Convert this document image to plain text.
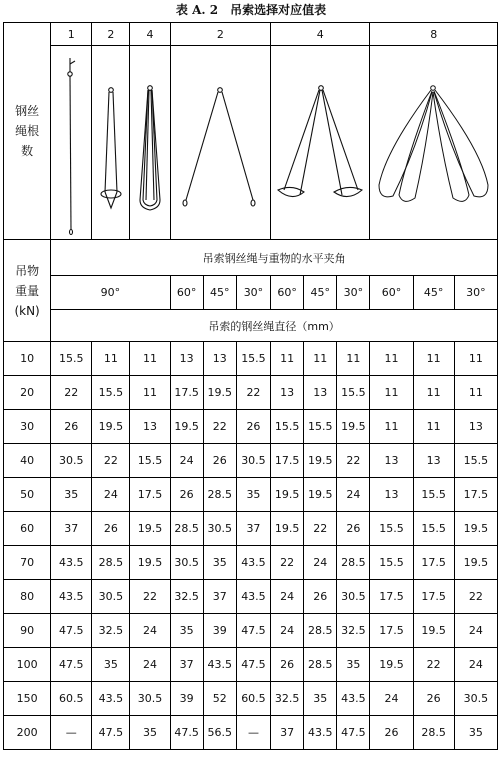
表 A. 2　吊索选择对应值表
钢丝
绳根
数	1	2	4	2			4			8		

吊物
重量
(kN)	吊索钢丝绳与重物的水平夹角											
	90°			60°	45°	30°	60°	45°	30°	60°	45°	30°
	吊索的钢丝绳直径（mm）											
10	15.5	11	11	13	13	15.5	11	11	11	11	11	11
20	22	15.5	11	17.5	19.5	22	13	13	15.5	11	11	11
30	26	19.5	13	19.5	22	26	15.5	15.5	19.5	11	11	13
40	30.5	22	15.5	24	26	30.5	17.5	19.5	22	13	13	15.5
50	35	24	17.5	26	28.5	35	19.5	19.5	24	13	15.5	17.5
60	37	26	19.5	28.5	30.5	37	19.5	22	26	15.5	15.5	19.5
70	43.5	28.5	19.5	30.5	35	43.5	22	24	28.5	15.5	17.5	19.5
80	43.5	30.5	22	32.5	37	43.5	24	26	30.5	17.5	17.5	22
90	47.5	32.5	24	35	39	47.5	24	28.5	32.5	17.5	19.5	24
100	47.5	35	24	37	43.5	47.5	26	28.5	35	19.5	22	24
150	60.5	43.5	30.5	39	52	60.5	32.5	35	43.5	24	26	30.5
200	—	47.5	35	47.5	56.5	—	37	43.5	47.5	26	28.5	35
